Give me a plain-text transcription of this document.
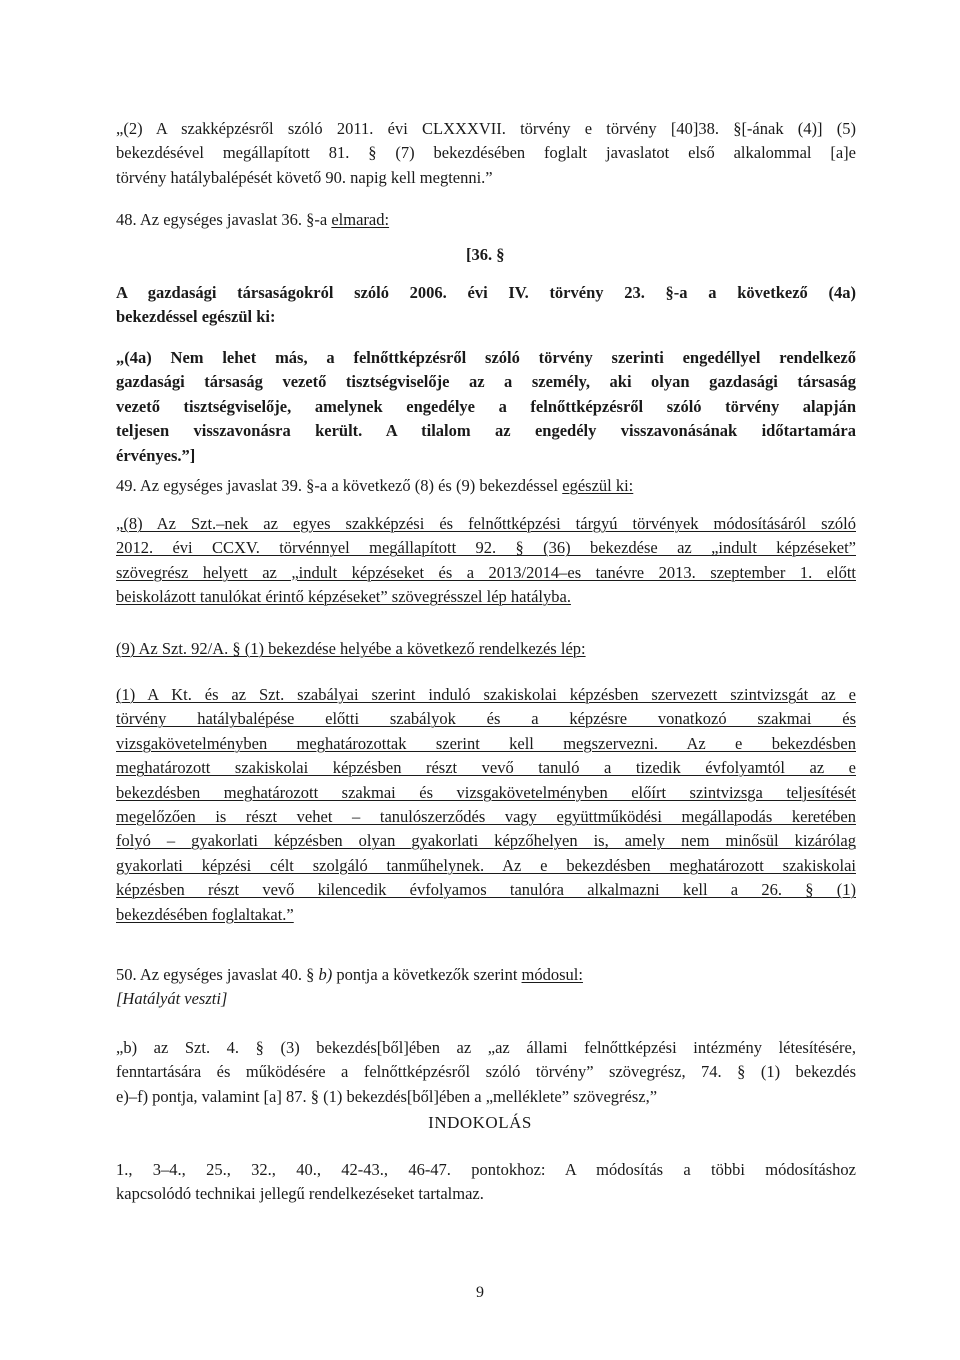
„(2) A szakképzésről szóló 2011. évi CLXXXVII. törvény e törvény [40]38. §[-ának (4)] (5)
bekezdésével megállapított 81. § (7) bekezdésében foglalt javaslatot első alkalommal [a]e
törvény hatálybalépését követő 90. napig kell megtenni.”
48. Az egységes javaslat 36. §-a elmarad:
[36. §
A gazdasági társaságokról szóló 2006. évi IV. törvény 23. §-a a következő (4a)
bekezdéssel egészül ki:
„(4a) Nem lehet más, a felnőttképzésről szóló törvény szerinti engedéllyel rendelkező
gazdasági társaság vezető tisztségviselője az a személy, aki olyan gazdasági társaság
vezető tisztségviselője, amelynek engedélye a felnőttképzésről szóló törvény alapján
teljesen visszavonásra került. A tilalom az engedély visszavonásának időtartamára
érvényes.”]
49. Az egységes javaslat 39. §-a a következő (8) és (9) bekezdéssel egészül ki:
„(8) Az Szt.–nek az egyes szakképzési és felnőttképzési tárgyú törvények módosításáról szóló
2012. évi CCXV. törvénnyel megállapított 92. § (36) bekezdése az „indult képzéseket”
szövegrész helyett az „indult képzéseket és a 2013/2014–es tanévre 2013. szeptember 1. előtt
beiskolázott tanulókat érintő képzéseket” szövegrésszel lép hatályba.
(9) Az Szt. 92/A. § (1) bekezdése helyébe a következő rendelkezés lép:
(1) A Kt. és az Szt. szabályai szerint induló szakiskolai képzésben szervezett szintvizsgát az e
törvény hatálybalépése előtti szabályok és a képzésre vonatkozó szakmai és
vizsgakövetelményben meghatározottak szerint kell megszervezni. Az e bekezdésben
meghatározott szakiskolai képzésben részt vevő tanuló a tizedik évfolyamtól az e
bekezdésben meghatározott szakmai és vizsgakövetelményben előírt szintvizsga teljesítését
megelőzően is részt vehet – tanulószerződés vagy együttműködési megállapodás keretében
folyó – gyakorlati képzésben olyan gyakorlati képzőhelyen is, amely nem minősül kizárólag
gyakorlati képzési célt szolgáló tanműhelynek. Az e bekezdésben meghatározott szakiskolai
képzésben részt vevő kilencedik évfolyamos tanulóra alkalmazni kell a 26. § (1)
bekezdésében foglaltakat.”
50. Az egységes javaslat 40. § b) pontja a következők szerint módosul:
[Hatályát veszti]
„b) az Szt. 4. § (3) bekezdés[ből]ében az „az állami felnőttképzési intézmény létesítésére,
fenntartására és működésére a felnőttképzésről szóló törvény” szövegrész, 74. § (1) bekezdés
e)–f) pontja, valamint [a] 87. § (1) bekezdés[ből]ében a „melléklete” szövegrész,”
INDOKOLÁS
1., 3–4., 25., 32., 40., 42-43., 46-47. pontokhoz: A módosítás a többi módosításhoz
kapcsolódó technikai jellegű rendelkezéseket tartalmaz.
9
